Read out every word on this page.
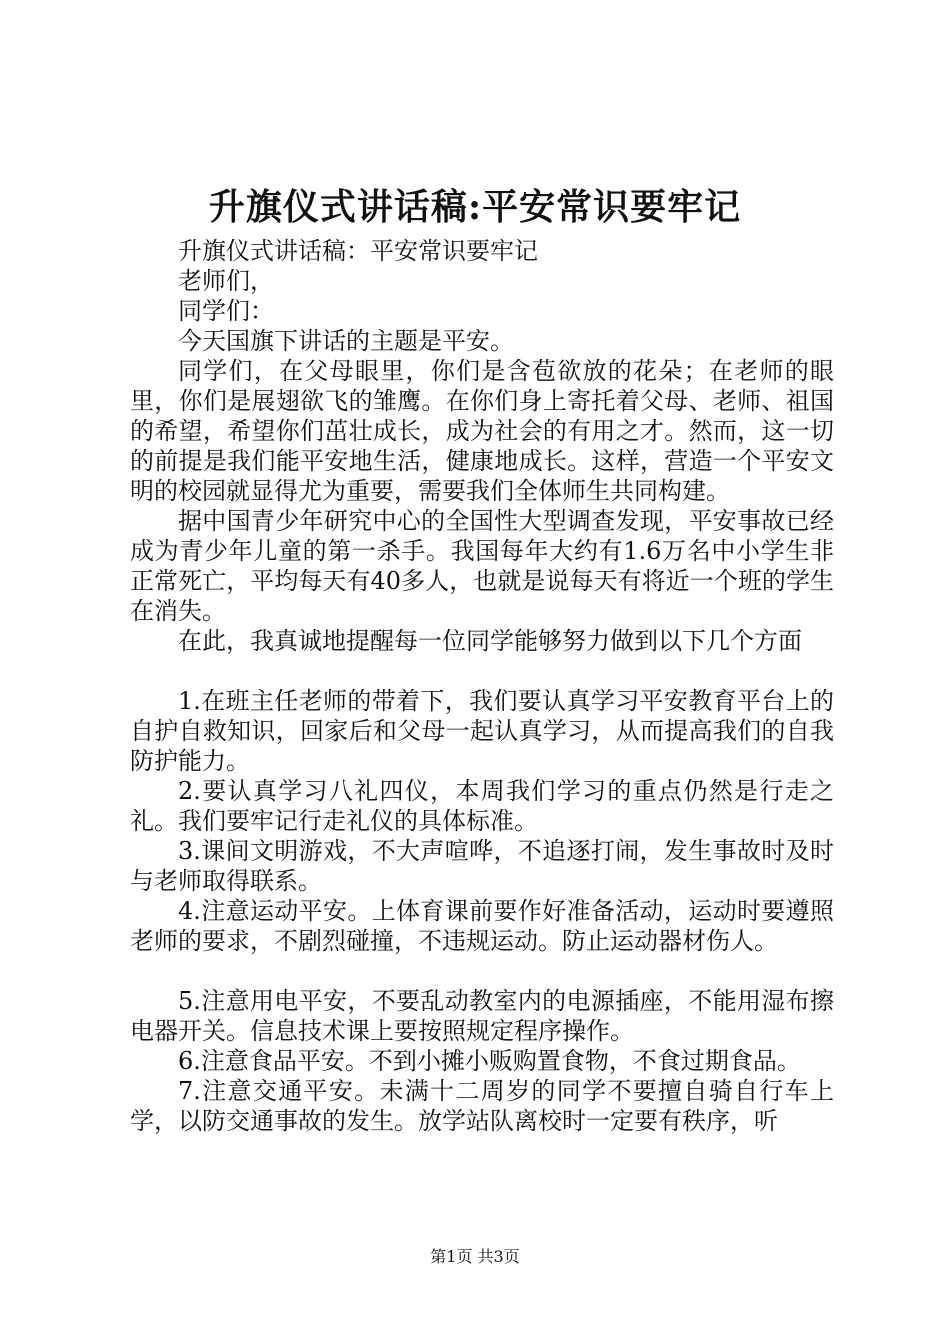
升旗仪式讲话稿:平安常识要牢记

升旗仪式讲话稿：平安常识要牢记

老师们，

同学们：

今天国旗下讲话的主题是平安。

同学们，在父母眼里，你们是含苞欲放的花朵；在老师的眼里，你们是展翅欲飞的雏鹰。在你们身上寄托着父母、老师、祖国的希望，希望你们茁壮成长，成为社会的有用之才。然而，这一切的前提是我们能平安地生活，健康地成长。这样，营造一个平安文明的校园就显得尤为重要，需要我们全体师生共同构建。

据中国青少年研究中心的全国性大型调查发现，平安事故已经成为青少年儿童的第一杀手。我国每年大约有1.6万名中小学生非正常死亡，平均每天有40多人，也就是说每天有将近一个班的学生在消失。

在此，我真诚地提醒每一位同学能够努力做到以下几个方面

1.在班主任老师的带着下，我们要认真学习平安教育平台上的自护自救知识，回家后和父母一起认真学习，从而提高我们的自我防护能力。

2.要认真学习八礼四仪，本周我们学习的重点仍然是行走之礼。我们要牢记行走礼仪的具体标准。

3.课间文明游戏，不大声喧哗，不追逐打闹，发生事故时及时与老师取得联系。

4.注意运动平安。上体育课前要作好准备活动，运动时要遵照老师的要求，不剧烈碰撞，不违规运动。防止运动器材伤人。

5.注意用电平安，不要乱动教室内的电源插座，不能用湿布擦电器开关。信息技术课上要按照规定程序操作。

6.注意食品平安。不到小摊小贩购置食物，不食过期食品。

7.注意交通平安。未满十二周岁的同学不要擅自骑自行车上学，以防交通事故的发生。放学站队离校时一定要有秩序，听

第1页 共3页
